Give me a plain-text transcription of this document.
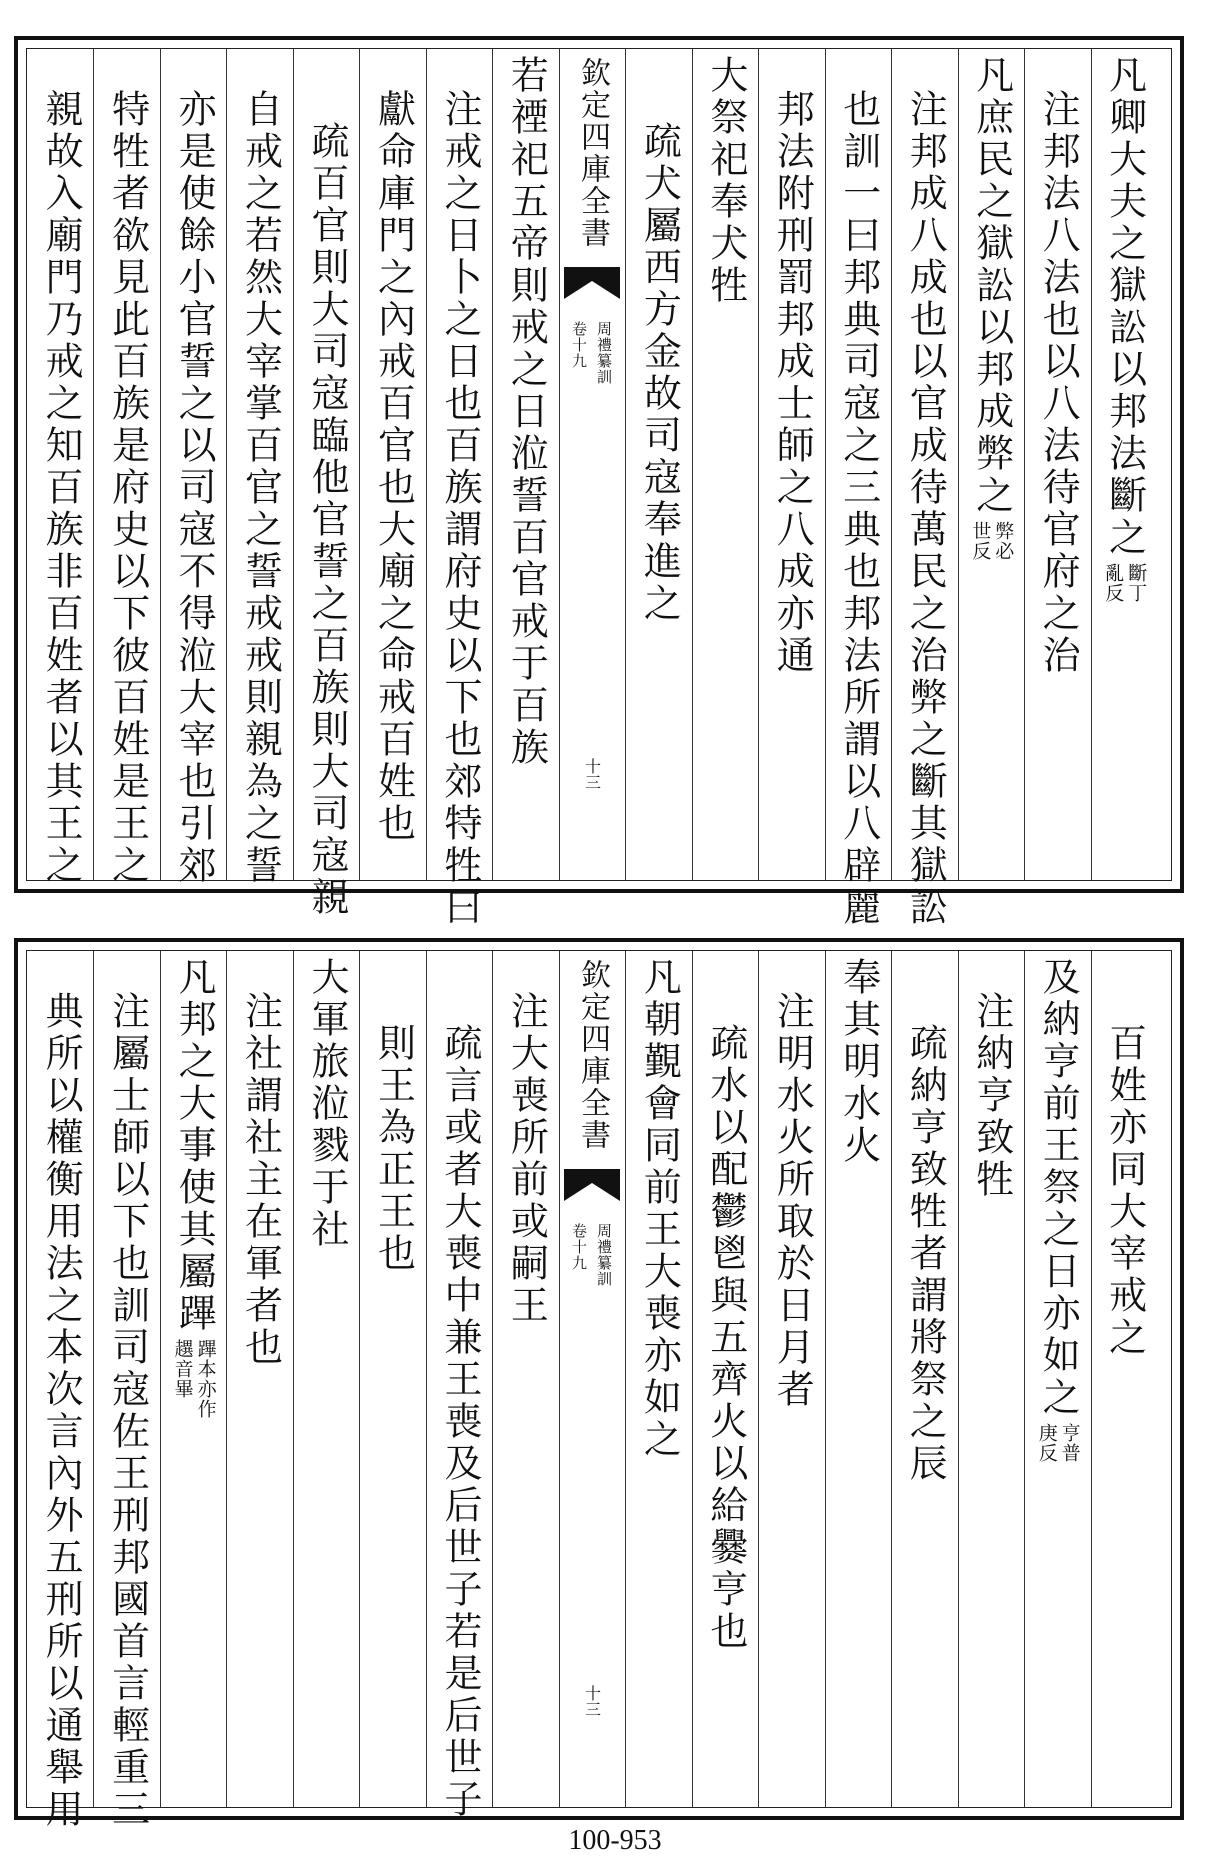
凡卿大夫之獄訟以邦法斷之
斷丁
亂反
注邦法八法也以八法待官府之治
凡庶民之獄訟以邦成弊之
弊必
世反
注邦成八成也以官成待萬民之治弊之斷其獄訟
也訓一曰邦典司寇之三典也邦法所謂以八辟麗
邦法附刑罰邦成士師之八成亦通
大祭祀奉犬牲
疏犬屬西方金故司寇奉進之
欽定四庫全書
周禮纂訓
卷十九
十三
若禋祀五帝則戒之日涖誓百官戒于百族
注戒之日卜之日也百族謂府史以下也郊特牲曰
獻命庫門之內戒百官也大廟之命戒百姓也
疏百官則大司寇臨他官誓之百族則大司寇親
自戒之若然大宰掌百官之誓戒戒則親為之誓
亦是使餘小官誓之以司寇不得涖大宰也引郊
特牲者欲見此百族是府史以下彼百姓是王之
親故入廟門乃戒之知百族非百姓者以其王之
百姓亦同大宰戒之
及納亨前王祭之日亦如之
亨普
庚反
注納亨致牲
疏納亨致牲者謂將祭之辰
奉其明水火
注明水火所取於日月者
疏水以配鬱鬯與五齊火以給爨亨也
凡朝覲會同前王大喪亦如之
欽定四庫全書
周禮纂訓
卷十九
十三
注大喪所前或嗣王
疏言或者大喪中兼王喪及后世子若是后世子
則王為正王也
大軍旅涖戮于社
注社謂社主在軍者也
凡邦之大事使其屬蹕
蹕本亦作
趩音畢
注屬士師以下也訓司寇佐王刑邦國首言輕重三
典所以權衡用法之本次言內外五刑所以通舉用
100-953
